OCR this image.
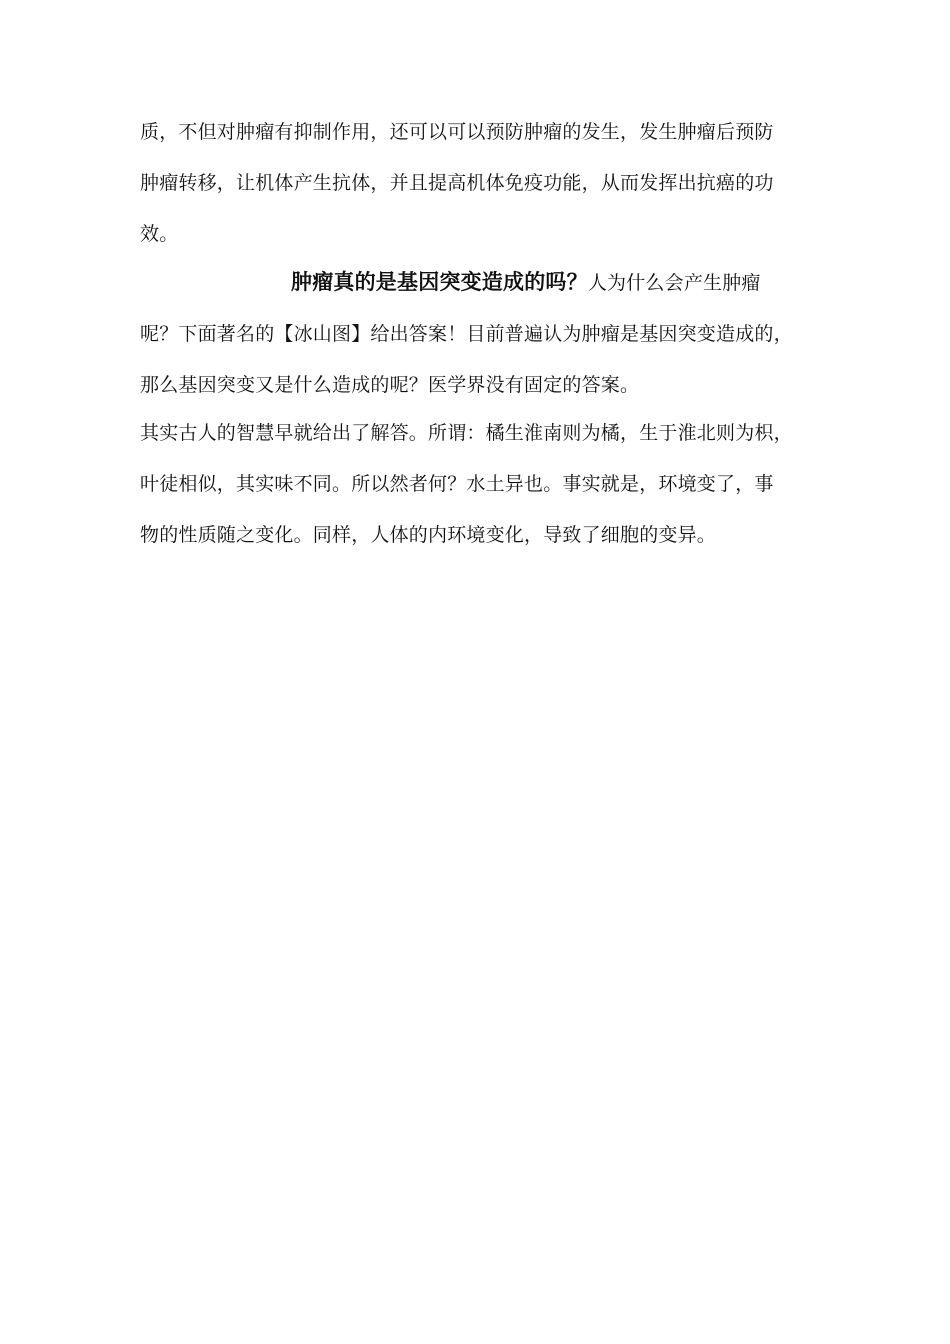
质，不但对肿瘤有抑制作用，还可以可以预防肿瘤的发生，发生肿瘤后预防
肿瘤转移，让机体产生抗体，并且提高机体免疫功能，从而发挥出抗癌的功
效。
肿瘤真的是基因突变造成的吗？人为什么会产生肿瘤
呢？下面著名的【冰山图】给出答案！目前普遍认为肿瘤是基因突变造成的，
那么基因突变又是什么造成的呢？医学界没有固定的答案。
其实古人的智慧早就给出了解答。所谓：橘生淮南则为橘，生于淮北则为枳，
叶徒相似，其实味不同。所以然者何？水土异也。事实就是，环境变了，事
物的性质随之变化。同样，人体的内环境变化，导致了细胞的变异。
